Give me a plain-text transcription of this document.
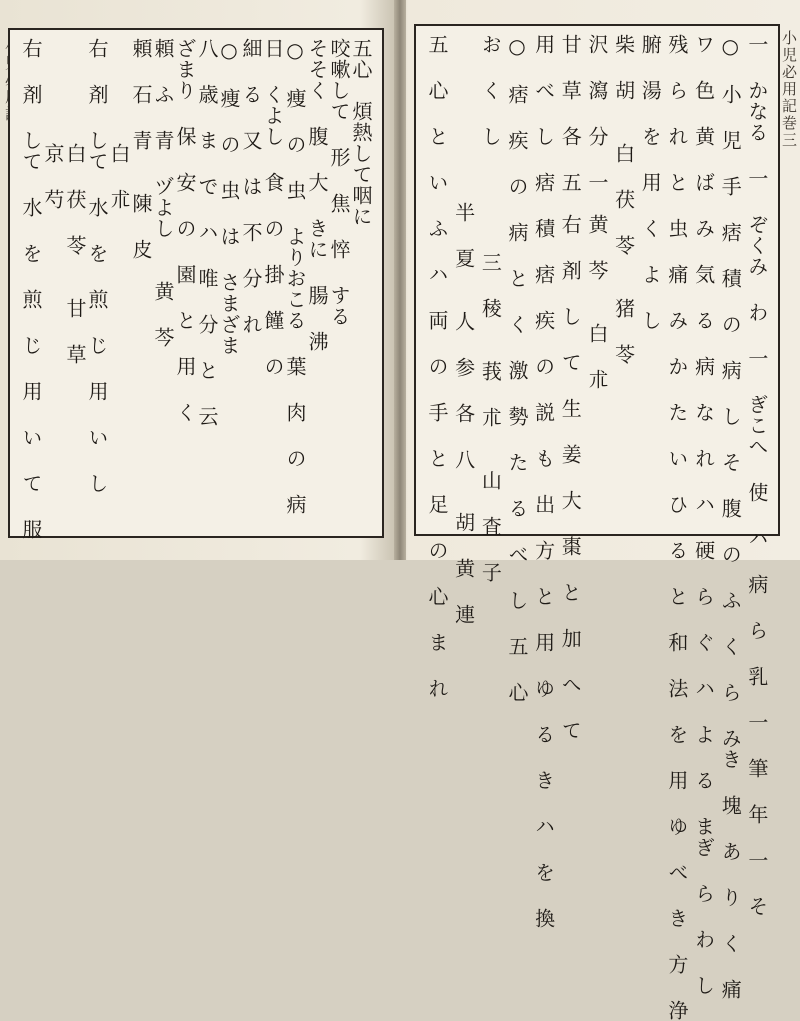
五心　煩熱して咽に
咬嗽して 形 焦 悴 する
そそく 腹 大 きに 腸 沸
○ 痩 の 虫 よりおこる 葉 肉 の 病
日 くよし 食 の 掛 饉 の
細 る 又 は 不 分 れ
○ 痩 の 虫 は さまざま
八 歳 ま で ハ 唯 分 と 云
ざまり 保 安 の 園 と 用 く
頼 ふ 青 ヅよし　　黄 芩
頼 石 青　　陳 皮
　　　　　白 朮
右 剤 して 水 を 煎 じ 用 い し
　　　　　白 茯 苓　　甘 草
　　　　　京 芍
右 剤 して 水 を 煎 じ 用 い て 服	小児必用記巻三
一 かなる 一 ぞくみ わ 一 ぎこへ 使 ハ 病 ら 乳 一 筆 年 一 そ
○ 小 児 手 痞 積 の 病 し そ 腹 の ふ く ら みき 塊 あ り く 痛
ワ 色 黄 ば み 気 る 病 な れ ハ 硬 ら ぐ ハ よ る まぎ ら わ し
残 ら れ と 虫 痛 み か た い ひ る と 和 法 を 用 ゆ べ き 方 浄
腑 湯 を 用 く よ し
柴 胡　　白 茯 苓　　猪 苓
沢 瀉 分 一　黄 芩　　白 朮
甘 草 各 五　右 剤 し て 生 姜 大 棗 と 加 へ て
用 べ し 痞 積 痞 疾 の 説 も 出 方 と 用 ゆ る き ハ を 換
○ 痞 疾 の 病 と く 激 勢 た る べ し 五 心
お く し　　　　　三 稜　　莪 朮　　山 査 子
　　　　　　　　半 夏　　人 参 各 八　　胡 黄 連
五 心 と い ふ ハ 両 の 手 と 足 の 心 ま れ
